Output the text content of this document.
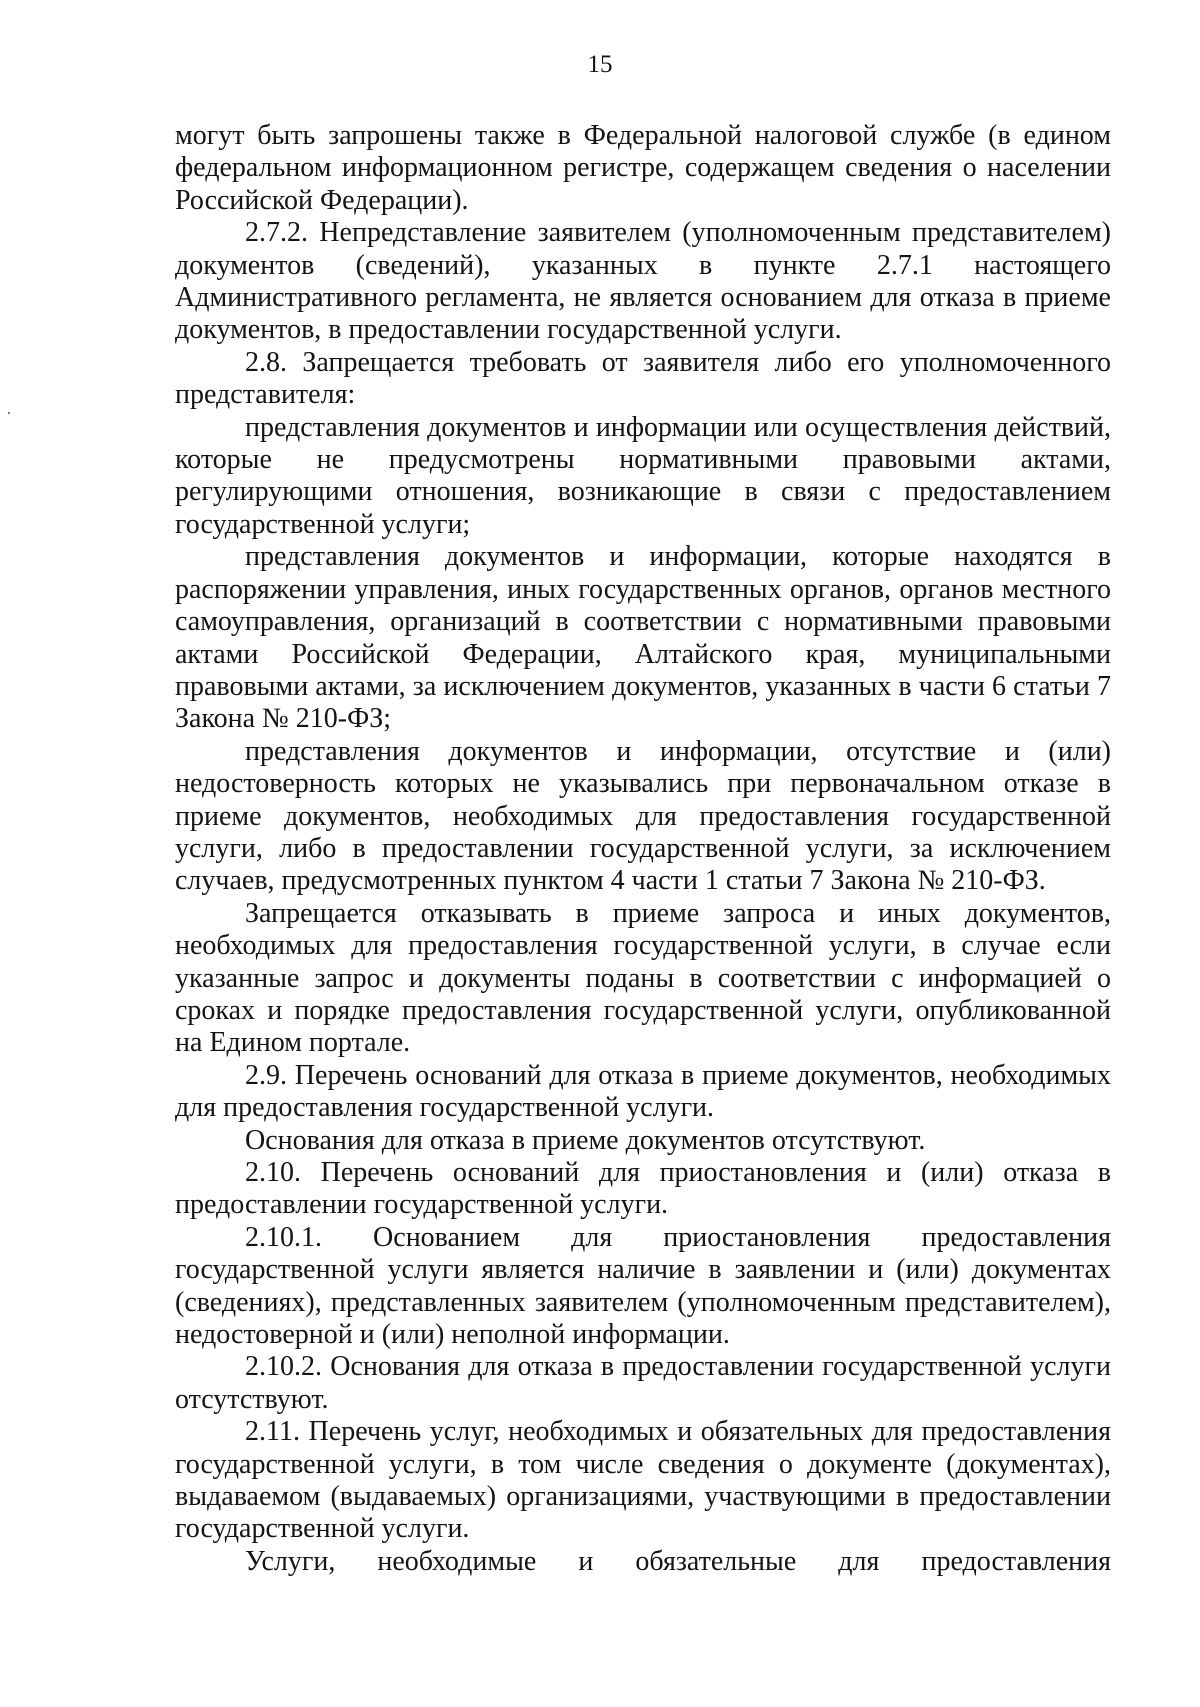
15

могут быть запрошены также в Федеральной налоговой службе (в едином федеральном информационном регистре, содержащем сведения о населении Российской Федерации).

2.7.2. Непредставление заявителем (уполномоченным представителем) документов (сведений), указанных в пункте 2.7.1 настоящего Административного регламента, не является основанием для отказа в приеме документов, в предоставлении государственной услуги.

2.8. Запрещается требовать от заявителя либо его уполномоченного представителя:

представления документов и информации или осуществления действий, которые не предусмотрены нормативными правовыми актами, регулирующими отношения, возникающие в связи с предоставлением государственной услуги;

представления документов и информации, которые находятся в распоряжении управления, иных государственных органов, органов местного самоуправления, организаций в соответствии с нормативными правовыми актами Российской Федерации, Алтайского края, муниципальными правовыми актами, за исключением документов, указанных в части 6 статьи 7 Закона № 210-ФЗ;

представления документов и информации, отсутствие и (или) недостоверность которых не указывались при первоначальном отказе в приеме документов, необходимых для предоставления государственной услуги, либо в предоставлении государственной услуги, за исключением случаев, предусмотренных пунктом 4 части 1 статьи 7 Закона № 210-ФЗ.

Запрещается отказывать в приеме запроса и иных документов, необходимых для предоставления государственной услуги, в случае если указанные запрос и документы поданы в соответствии с информацией о сроках и порядке предоставления государственной услуги, опубликованной на Едином портале.

2.9. Перечень оснований для отказа в приеме документов, необходимых для предоставления государственной услуги.

Основания для отказа в приеме документов отсутствуют.

2.10. Перечень оснований для приостановления и (или) отказа в предоставлении государственной услуги.

2.10.1. Основанием для приостановления предоставления государственной услуги является наличие в заявлении и (или) документах (сведениях), представленных заявителем (уполномоченным представителем), недостоверной и (или) неполной информации.

2.10.2. Основания для отказа в предоставлении государственной услуги отсутствуют.

2.11. Перечень услуг, необходимых и обязательных для предоставления государственной услуги, в том числе сведения о документе (документах), выдаваемом (выдаваемых) организациями, участвующими в предоставлении государственной услуги.

Услуги, необходимые и обязательные для предоставления
